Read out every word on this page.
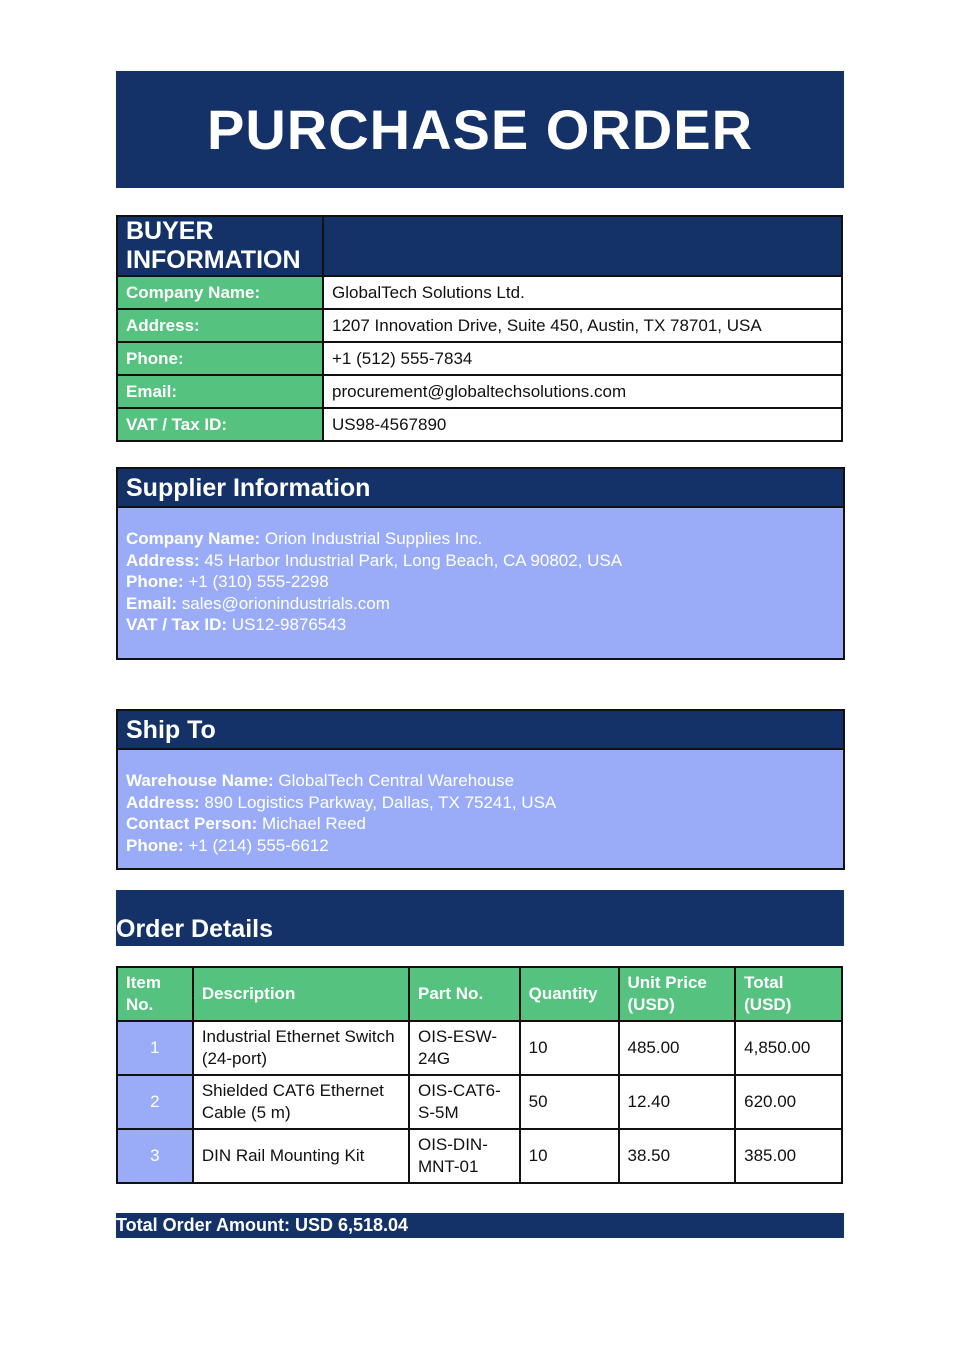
PURCHASE ORDER
BUYER INFORMATION	
Company Name:	GlobalTech Solutions Ltd.
Address:	1207 Innovation Drive, Suite 450, Austin, TX 78701, USA
Phone:	+1 (512) 555-7834
Email:	procurement@globaltechsolutions.com
VAT / Tax ID:	US98-4567890
Supplier Information
Company Name: Orion Industrial Supplies Inc.
Address: 45 Harbor Industrial Park, Long Beach, CA 90802, USA
Phone: +1 (310) 555-2298
Email: sales@orionindustrials.com
VAT / Tax ID: US12-9876543
Ship To
Warehouse Name: GlobalTech Central Warehouse
Address: 890 Logistics Parkway, Dallas, TX 75241, USA
Contact Person: Michael Reed
Phone: +1 (214) 555-6612
Order Details
Item No.	Description	Part No.	Quantity	Unit Price (USD)	Total (USD)
1	Industrial Ethernet Switch (24-port)	OIS-ESW-24G	10	485.00	4,850.00
2	Shielded CAT6 Ethernet Cable (5 m)	OIS-CAT6-S-5M	50	12.40	620.00
3	DIN Rail Mounting Kit	OIS-DIN-MNT-01	10	38.50	385.00
Total Order Amount: USD 6,518.04
